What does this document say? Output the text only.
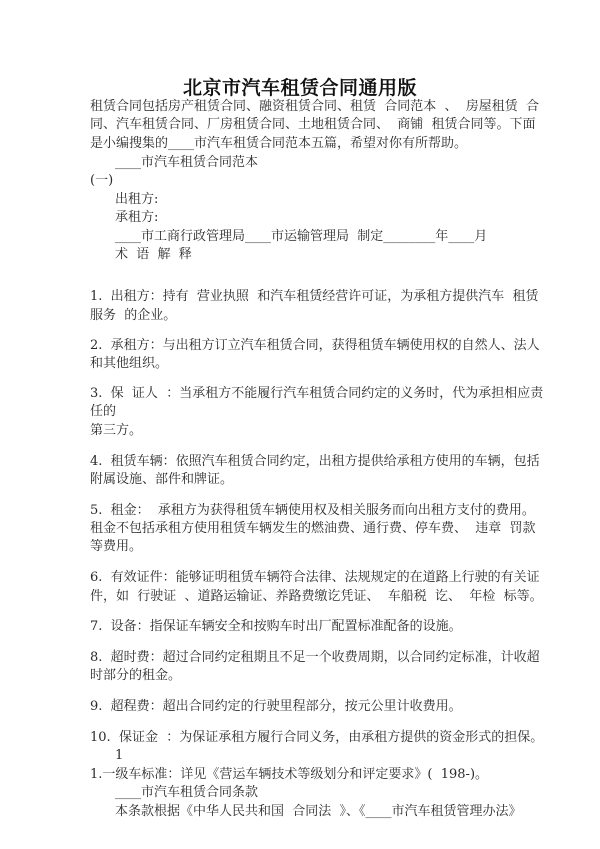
北京市汽车租赁合同通用版
租赁合同包括房产租赁合同、融资租赁合同、租赁  合同范本  、  房屋租赁  合
同、汽车租赁合同、厂房租赁合同、土地租赁合同、  商铺  租赁合同等。下面
是小编搜集的____市汽车租赁合同范本五篇，希望对你有所帮助。
____市汽车租赁合同范本
(一)
出租方:
承租方:
____市工商行政管理局____市运输管理局  制定________年____月
术  语  解  释
1.  出租方：持有  营业执照  和汽车租赁经营许可证，为承租方提供汽车  租赁
服务  的企业。
2.  承租方：与出租方订立汽车租赁合同，获得租赁车辆使用权的自然人、法人
和其他组织。
3.  保  证人  ：当承租方不能履行汽车租赁合同约定的义务时，代为承担相应责
任的
第三方。
4.  租赁车辆：依照汽车租赁合同约定，出租方提供给承租方使用的车辆，包括
附属设施、部件和牌证。
5.  租金：  承租方为获得租赁车辆使用权及相关服务而向出租方支付的费用。
租金不包括承租方使用租赁车辆发生的燃油费、通行费、停车费、  违章  罚款
等费用。
6.  有效证件：能够证明租赁车辆符合法律、法规规定的在道路上行驶的有关证
件，如  行驶证  、道路运输证、养路费缴讫凭证、  车船税  讫、  年检  标等。
7.  设备：指保证车辆安全和按购车时出厂配置标准配备的设施。
8.  超时费：超过合同约定租期且不足一个收费周期，以合同约定标准，计收超
时部分的租金。
9.  超程费：超出合同约定的行驶里程部分，按元公里计收费用。
10.  保证金  ：为保证承租方履行合同义务，由承租方提供的资金形式的担保。
1
1.一级车标准：详见《营运车辆技术等级划分和评定要求》(  198-)。
____市汽车租赁合同条款
本条款根据《中华人民共和国  合同法  》、《____市汽车租赁管理办法》
